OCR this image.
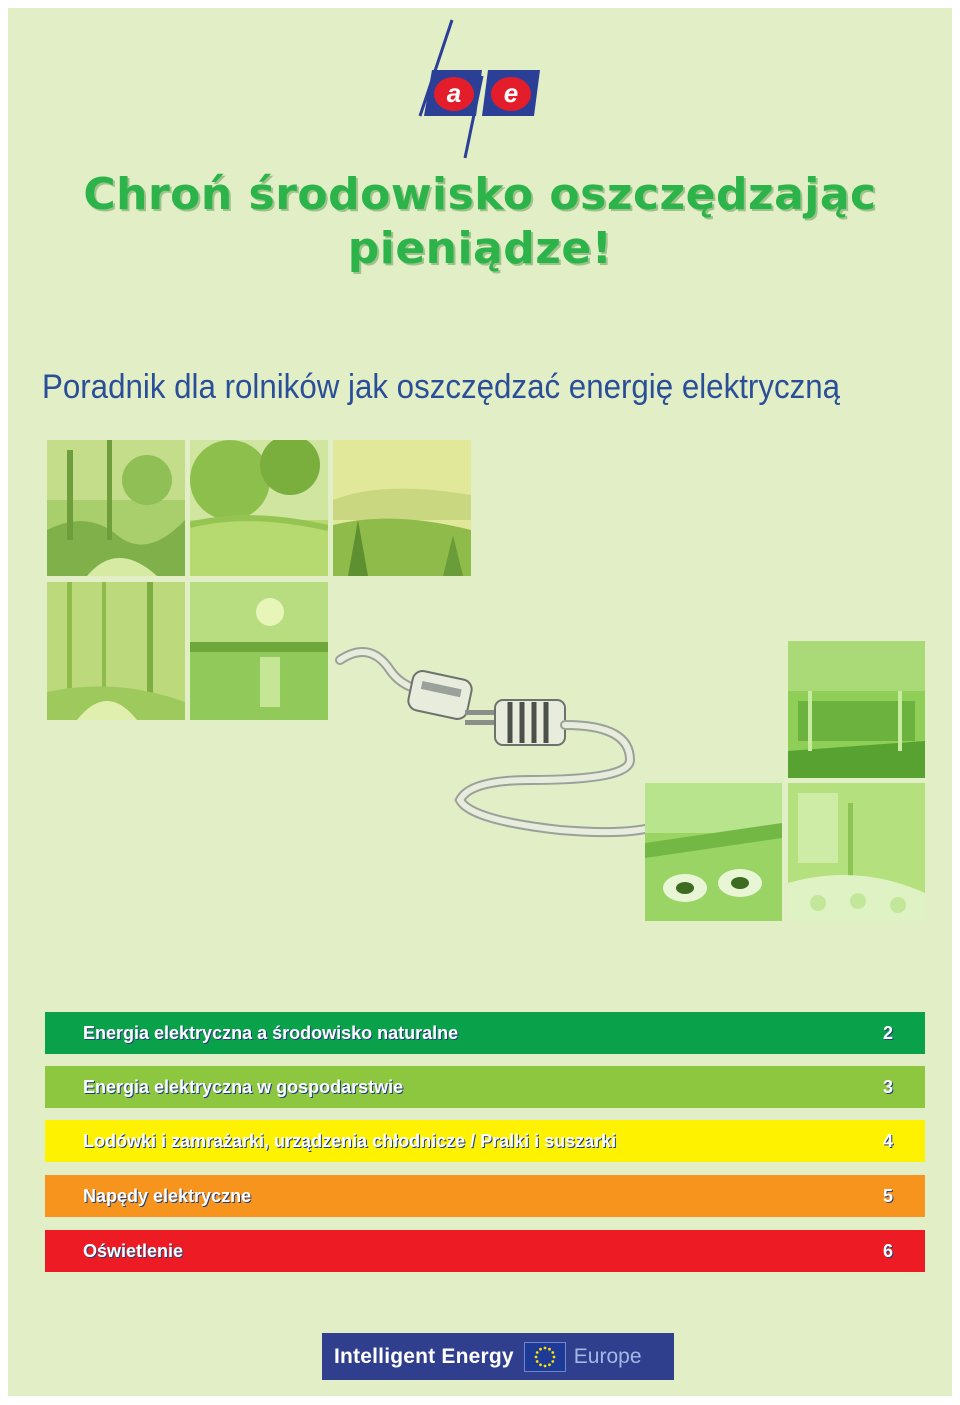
a e
Chroń środowisko oszczędzając
pieniądze!
Poradnik dla rolników jak oszczędzać energię elektryczną
Energia elektryczna a środowisko naturalne	2
Energia elektryczna w gospodarstwie	3
Lodówki i zamrażarki, urządzenia chłodnicze / Pralki i suszarki	4
Napędy elektryczne	5
Oświetlenie	6
Intelligent Energy	Europe
